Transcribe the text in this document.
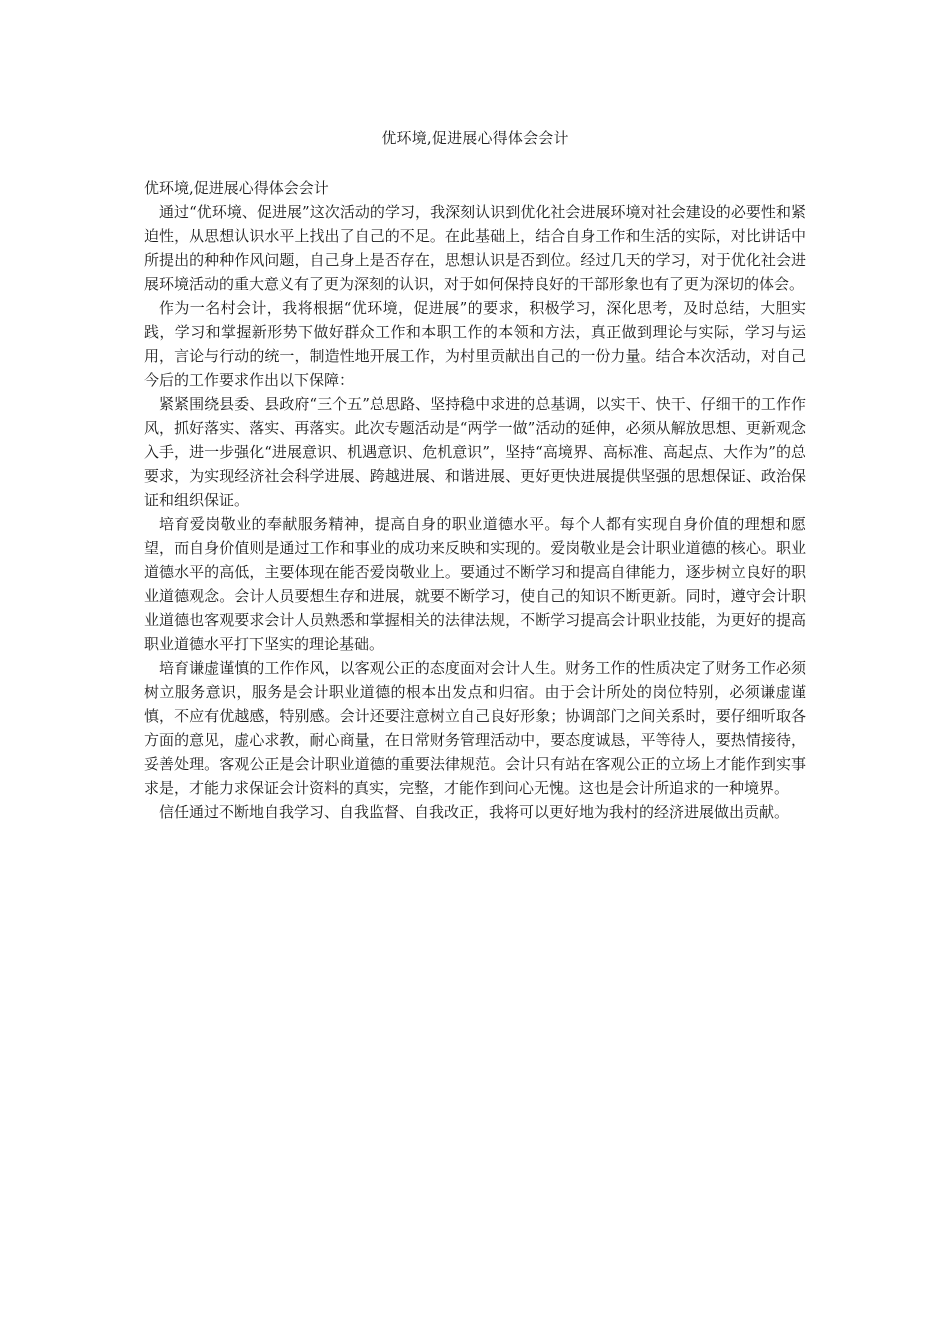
优环境,促进展心得体会会计

优环境,促进展心得体会会计

通过“优环境、促进展”这次活动的学习，我深刻认识到优化社会进展环境对社会建设的必要性和紧迫性，从思想认识水平上找出了自己的不足。在此基础上，结合自身工作和生活的实际，对比讲话中所提出的种种作风问题，自己身上是否存在，思想认识是否到位。经过几天的学习，对于优化社会进展环境活动的重大意义有了更为深刻的认识，对于如何保持良好的干部形象也有了更为深切的体会。

作为一名村会计，我将根据“优环境，促进展”的要求，积极学习，深化思考，及时总结，大胆实践，学习和掌握新形势下做好群众工作和本职工作的本领和方法，真正做到理论与实际，学习与运用，言论与行动的统一，制造性地开展工作，为村里贡献出自己的一份力量。结合本次活动，对自己今后的工作要求作出以下保障：

紧紧围绕县委、县政府“三个五”总思路、坚持稳中求进的总基调，以实干、快干、仔细干的工作作风，抓好落实、落实、再落实。此次专题活动是“两学一做”活动的延伸，必须从解放思想、更新观念入手，进一步强化“进展意识、机遇意识、危机意识”，坚持“高境界、高标准、高起点、大作为”的总要求，为实现经济社会科学进展、跨越进展、和谐进展、更好更快进展提供坚强的思想保证、政治保证和组织保证。

培育爱岗敬业的奉献服务精神，提高自身的职业道德水平。每个人都有实现自身价值的理想和愿望，而自身价值则是通过工作和事业的成功来反映和实现的。爱岗敬业是会计职业道德的核心。职业道德水平的高低，主要体现在能否爱岗敬业上。要通过不断学习和提高自律能力，逐步树立良好的职业道德观念。会计人员要想生存和进展，就要不断学习，使自己的知识不断更新。同时，遵守会计职业道德也客观要求会计人员熟悉和掌握相关的法律法规，不断学习提高会计职业技能，为更好的提高职业道德水平打下坚实的理论基础。

培育谦虚谨慎的工作作风，以客观公正的态度面对会计人生。财务工作的性质决定了财务工作必须树立服务意识，服务是会计职业道德的根本出发点和归宿。由于会计所处的岗位特别，必须谦虚谨慎，不应有优越感，特别感。会计还要注意树立自己良好形象；协调部门之间关系时，要仔细听取各方面的意见，虚心求教，耐心商量，在日常财务管理活动中，要态度诚恳，平等待人，要热情接待，妥善处理。客观公正是会计职业道德的重要法律规范。会计只有站在客观公正的立场上才能作到实事求是，才能力求保证会计资料的真实，完整，才能作到问心无愧。这也是会计所追求的一种境界。

信任通过不断地自我学习、自我监督、自我改正，我将可以更好地为我村的经济进展做出贡献。
